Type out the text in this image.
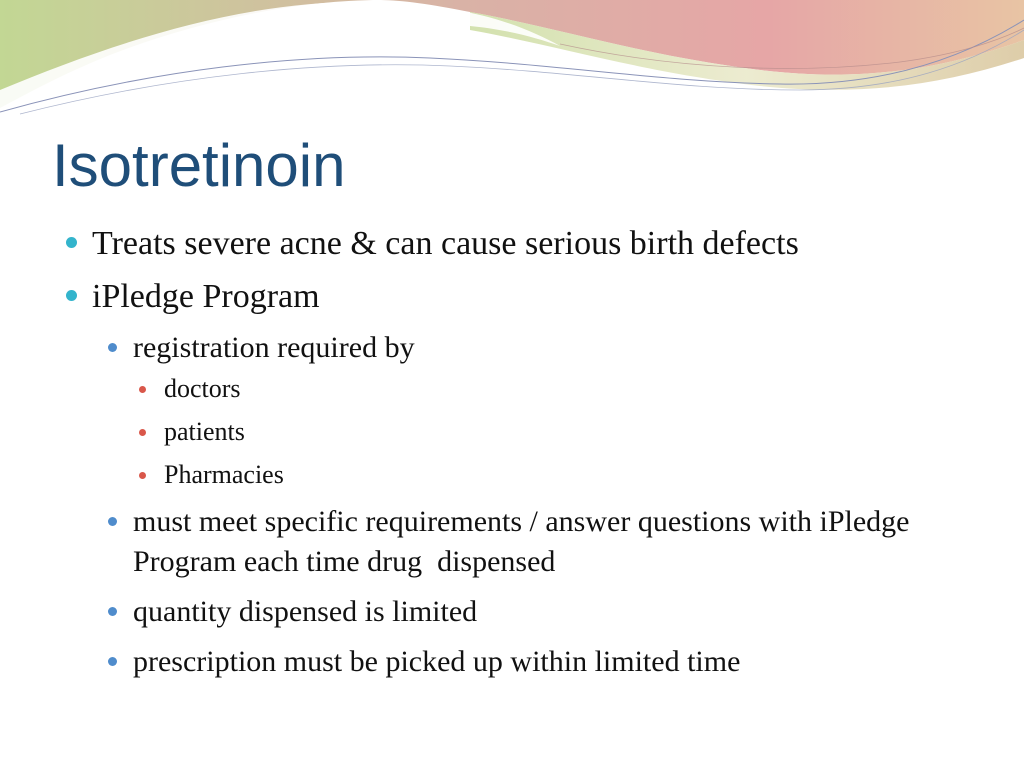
Isotretinoin
Treats severe acne & can cause serious birth defects
iPledge Program
registration required by
doctors
patients
Pharmacies
must meet specific requirements / answer questions with iPledge Program each time drug  dispensed
quantity dispensed is limited
prescription must be picked up within limited time
